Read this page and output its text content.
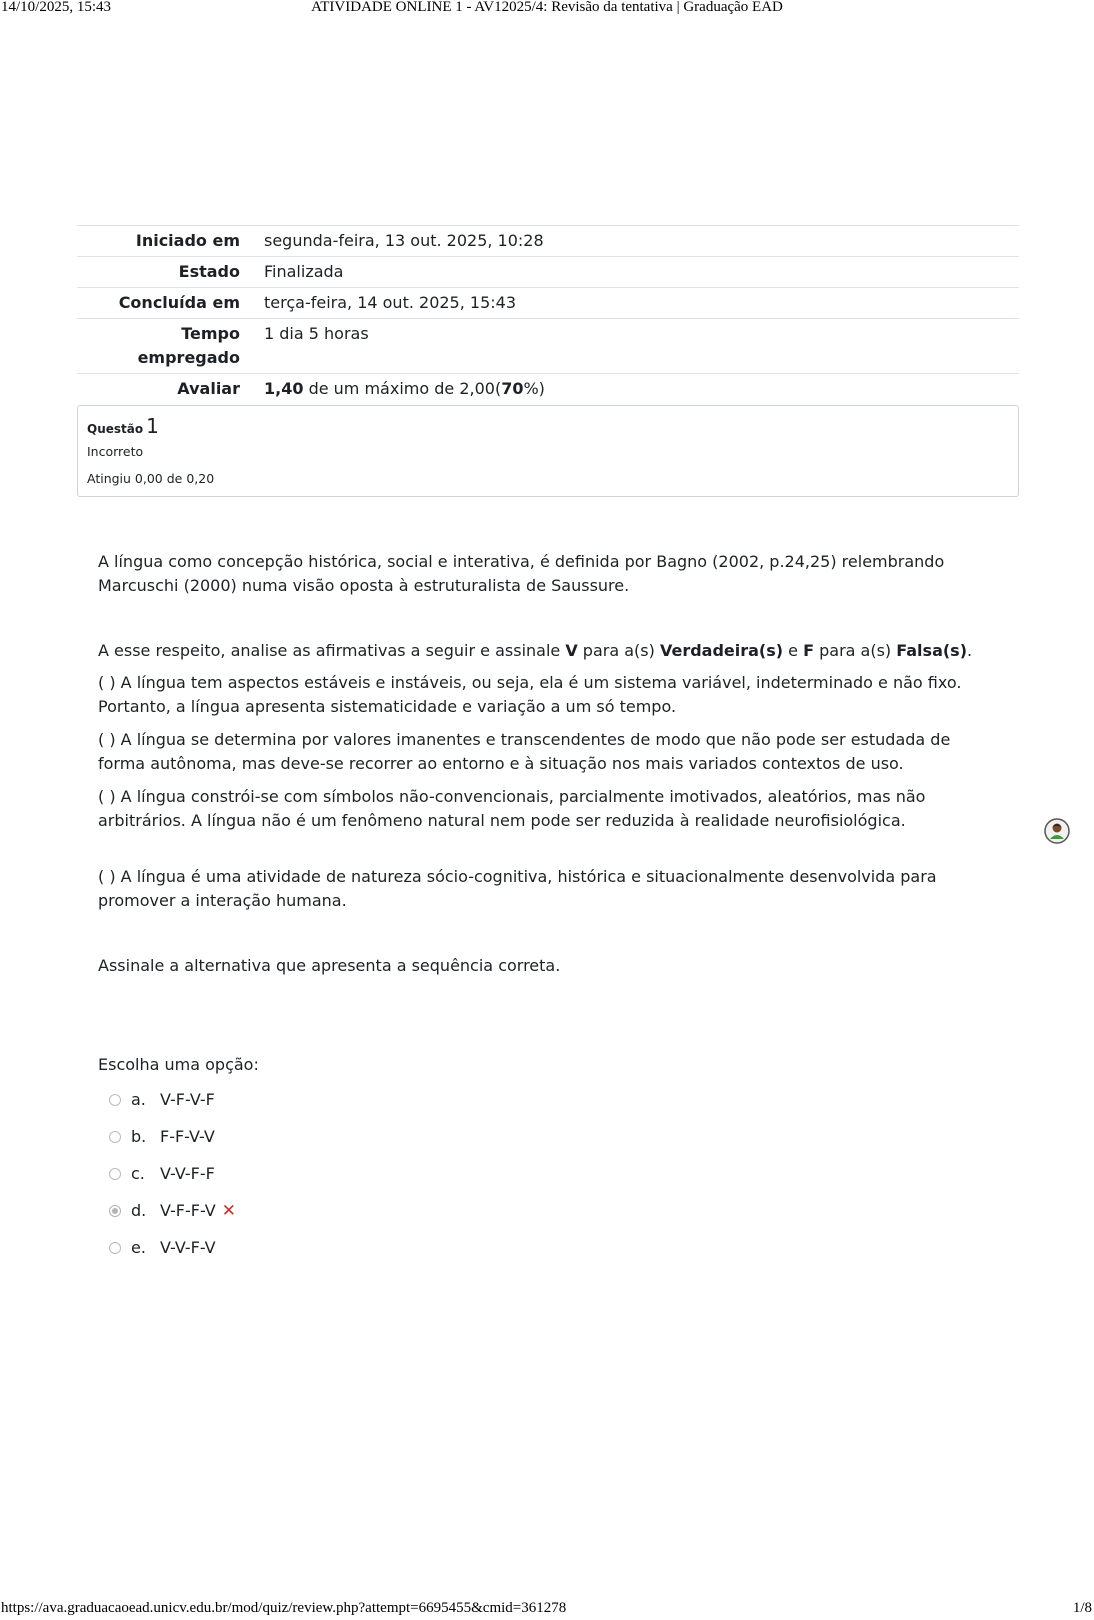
14/10/2025, 15:43	ATIVIDADE ONLINE 1 - AV12025/4: Revisão da tentativa | Graduação EAD
Iniciado em	segunda-feira, 13 out. 2025, 10:28
Estado	Finalizada
Concluída em	terça-feira, 14 out. 2025, 15:43
Tempo empregado	1 dia 5 horas
Avaliar	1,40 de um máximo de 2,00(70%)
Questão 1
Incorreto
Atingiu 0,00 de 0,20

A língua como concepção histórica, social e interativa, é definida por Bagno (2002, p.24,25) relembrando Marcuschi (2000) numa visão oposta à estruturalista de Saussure.

A esse respeito, analise as afirmativas a seguir e assinale V para a(s) Verdadeira(s) e F para a(s) Falsa(s).

( ) A língua tem aspectos estáveis e instáveis, ou seja, ela é um sistema variável, indeterminado e não fixo. Portanto, a língua apresenta sistematicidade e variação a um só tempo.

( ) A língua se determina por valores imanentes e transcendentes de modo que não pode ser estudada de forma autônoma, mas deve-se recorrer ao entorno e à situação nos mais variados contextos de uso.

( ) A língua constrói-se com símbolos não-convencionais, parcialmente imotivados, aleatórios, mas não arbitrários. A língua não é um fenômeno natural nem pode ser reduzida à realidade neurofisiológica.

( ) A língua é uma atividade de natureza sócio-cognitiva, histórica e situacionalmente desenvolvida para promover a interação humana.

Assinale a alternativa que apresenta a sequência correta.

Escolha uma opção:
a. V-F-V-F
b. F-F-V-V
c. V-V-F-F
d. V-F-F-V ✕
e. V-V-F-V
https://ava.graduacaoead.unicv.edu.br/mod/quiz/review.php?attempt=6695455&cmid=361278	1/8
